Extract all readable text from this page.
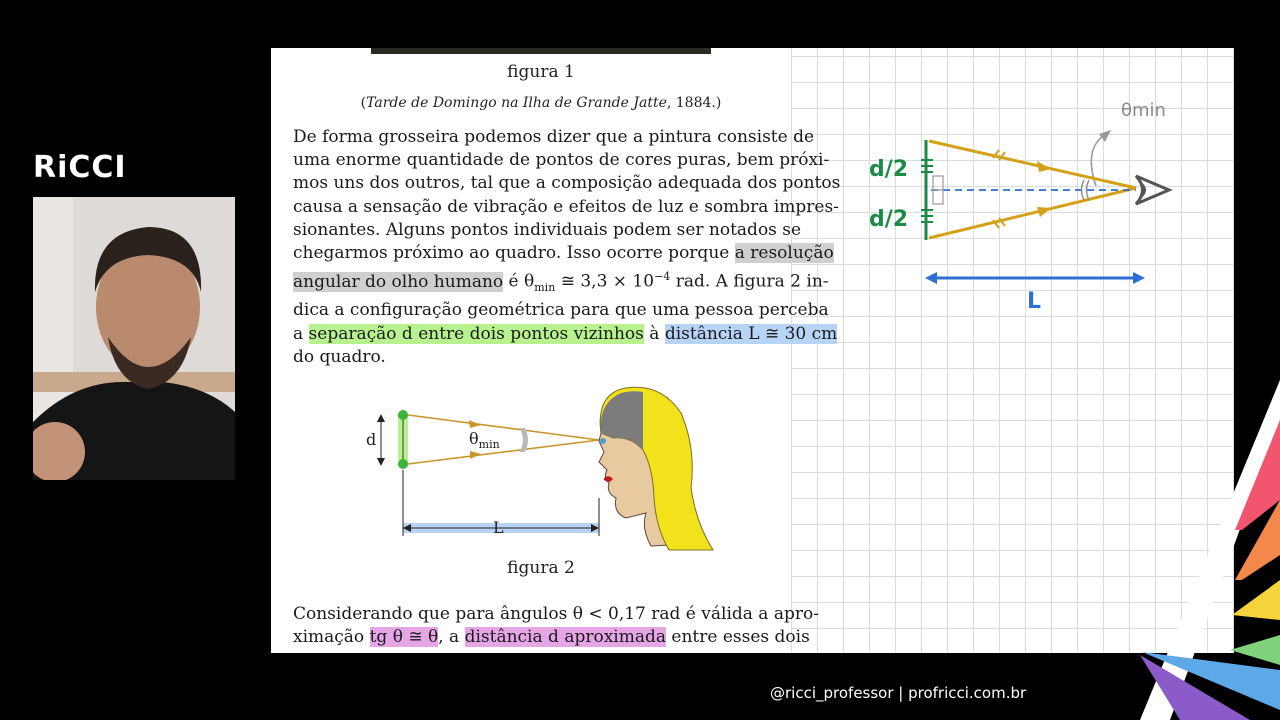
RiCCI
figura 1
(Tarde de Domingo na Ilha de Grande Jatte, 1884.)
De forma grosseira podemos dizer que a pintura consiste de
uma enorme quantidade de pontos de cores puras, bem próxi-
mos uns dos outros, tal que a composição adequada dos pontos
causa a sensação de vibração e efeitos de luz e sombra impres-
sionantes. Alguns pontos individuais podem ser notados se
chegarmos próximo ao quadro. Isso ocorre porque a resolução
angular do olho humano é $\theta_{min}$ ≅ $3,3 \times 10^{-4}$ rad. A figura 2 in-
dica a configuração geométrica para que uma pessoa perceba
a separação d entre dois pontos vizinhos à distância L ≅ 30 cm
do quadro.
d	$\theta_{min}$
L
figura 2
Considerando que para ângulos θ < 0,17 rad é válida a apro-
ximação tg θ ≅ θ, a distância d aproximada entre esses dois
θmin
d/2
d/2
L
@ricci_professor | profricci.com.br
